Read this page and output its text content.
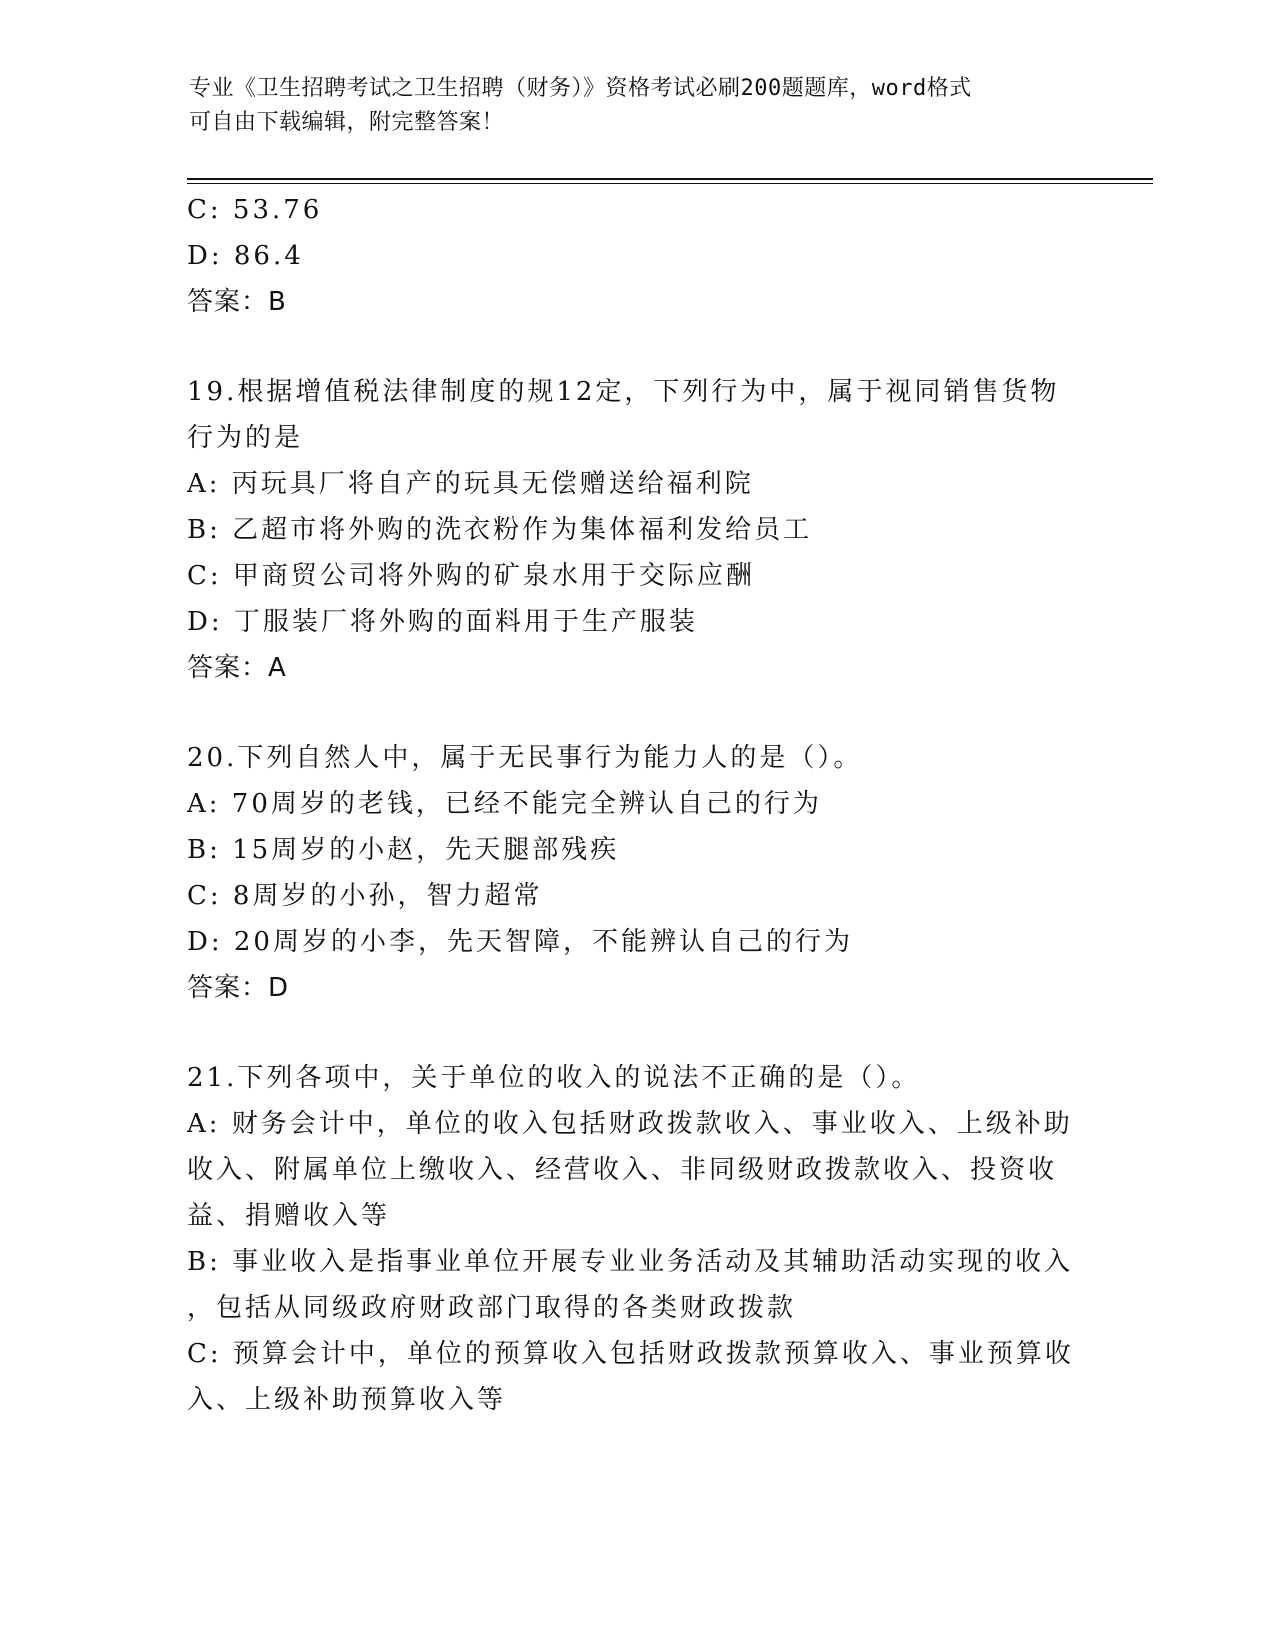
专业《卫生招聘考试之卫生招聘（财务）》资格考试必刷200题题库，word格式
可自由下载编辑，附完整答案！
C: 53.76
D: 86.4
答案：B
19.根据增值税法律制度的规12定，下列行为中，属于视同销售货物
行为的是
A: 丙玩具厂将自产的玩具无偿赠送给福利院
B: 乙超市将外购的洗衣粉作为集体福利发给员工
C: 甲商贸公司将外购的矿泉水用于交际应酬
D: 丁服装厂将外购的面料用于生产服装
答案：A
20.下列自然人中，属于无民事行为能力人的是（）。
A: 70周岁的老钱，已经不能完全辨认自己的行为
B: 15周岁的小赵，先天腿部残疾
C: 8周岁的小孙，智力超常
D: 20周岁的小李，先天智障，不能辨认自己的行为
答案：D
21.下列各项中，关于单位的收入的说法不正确的是（）。
A: 财务会计中，单位的收入包括财政拨款收入、事业收入、上级补助
收入、附属单位上缴收入、经营收入、非同级财政拨款收入、投资收
益、捐赠收入等
B: 事业收入是指事业单位开展专业业务活动及其辅助活动实现的收入
，包括从同级政府财政部门取得的各类财政拨款
C: 预算会计中，单位的预算收入包括财政拨款预算收入、事业预算收
入、上级补助预算收入等
